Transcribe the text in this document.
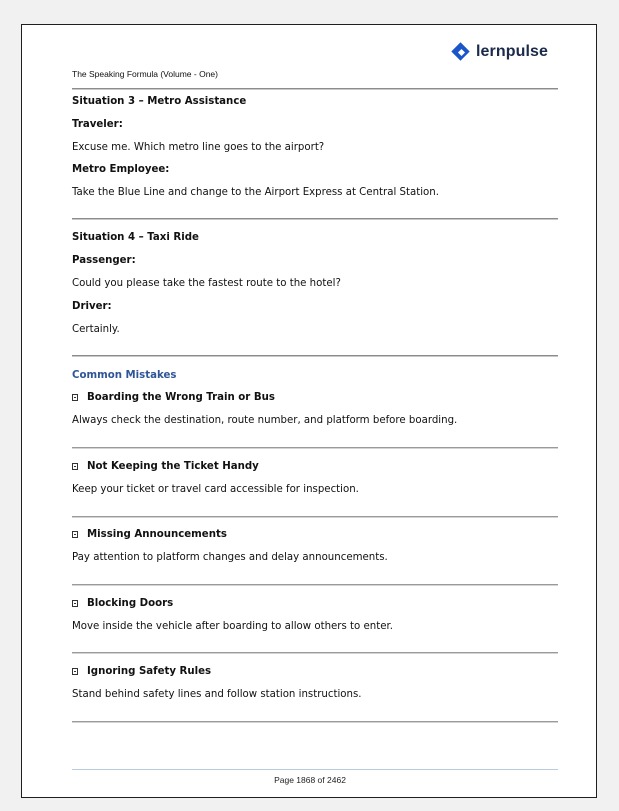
lernpulse
The Speaking Formula (Volume - One)
Situation 3 – Metro Assistance
Traveler:
Excuse me. Which metro line goes to the airport?
Metro Employee:
Take the Blue Line and change to the Airport Express at Central Station.
Situation 4 – Taxi Ride
Passenger:
Could you please take the fastest route to the hotel?
Driver:
Certainly.
Common Mistakes
Boarding the Wrong Train or Bus
Always check the destination, route number, and platform before boarding.
Not Keeping the Ticket Handy
Keep your ticket or travel card accessible for inspection.
Missing Announcements
Pay attention to platform changes and delay announcements.
Blocking Doors
Move inside the vehicle after boarding to allow others to enter.
Ignoring Safety Rules
Stand behind safety lines and follow station instructions.
Page 1868 of 2462
